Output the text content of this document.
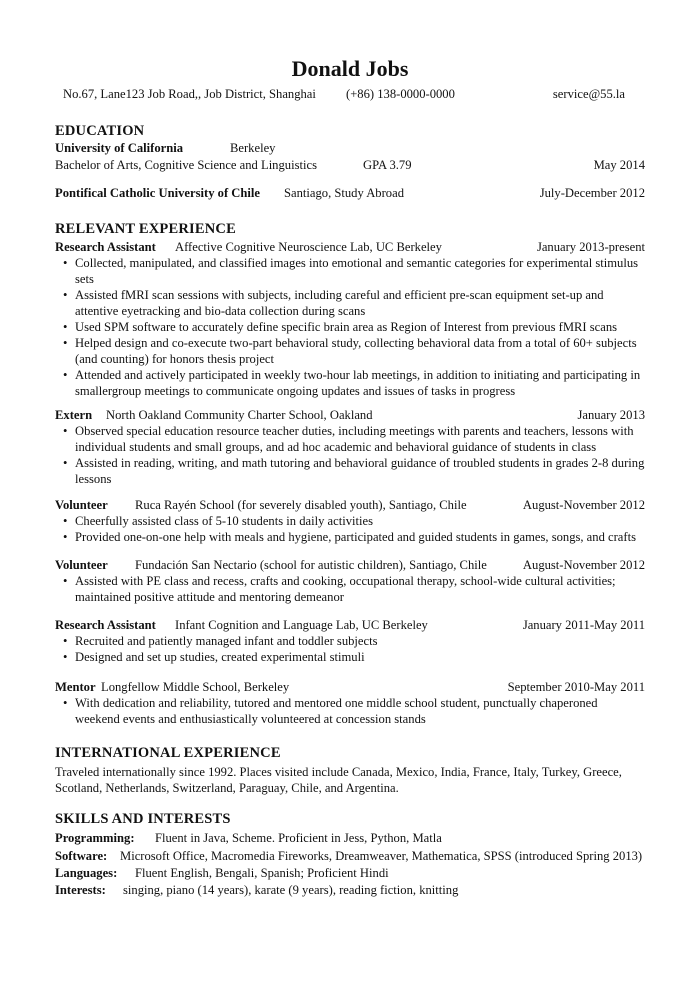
Donald Jobs
No.67, Lane123 Job Road,, Job District, Shanghai (+86) 138-0000-0000	service@55.la
EDUCATION
University of California	Berkeley
Bachelor of Arts, Cognitive Science and Linguistics	GPA 3.79	May 2014
Pontifical Catholic University of Chile Santiago, Study Abroad	July-December 2012
RELEVANT EXPERIENCE
Research Assistant Affective Cognitive Neuroscience Lab, UC Berkeley	January 2013-present
• Collected, manipulated, and classified images into emotional and semantic categories for experimental stimulus sets
• Assisted fMRI scan sessions with subjects, including careful and efficient pre-scan equipment set-up and attentive eyetracking and bio-data collection during scans
• Used SPM software to accurately define specific brain area as Region of Interest from previous fMRI scans
• Helped design and co-execute two-part behavioral study, collecting behavioral data from a total of 60+ subjects (and counting) for honors thesis project
• Attended and actively participated in weekly two-hour lab meetings, in addition to initiating and participating in smallergroup meetings to communicate ongoing updates and issues of tasks in progress
Extern North Oakland Community Charter School, Oakland	January 2013
• Observed special education resource teacher duties, including meetings with parents and teachers, lessons with individual students and small groups, and ad hoc academic and behavioral guidance of students in class
• Assisted in reading, writing, and math tutoring and behavioral guidance of troubled students in grades 2-8 during lessons
Volunteer Ruca Rayén School (for severely disabled youth), Santiago, Chile	August-November 2012
• Cheerfully assisted class of 5-10 students in daily activities
• Provided one-on-one help with meals and hygiene, participated and guided students in games, songs, and crafts
Volunteer Fundación San Nectario (school for autistic children), Santiago, Chile	August-November 2012
• Assisted with PE class and recess, crafts and cooking, occupational therapy, school-wide cultural activities; maintained positive attitude and mentoring demeanor
Research Assistant Infant Cognition and Language Lab, UC Berkeley	January 2011-May 2011
• Recruited and patiently managed infant and toddler subjects
• Designed and set up studies, created experimental stimuli
Mentor Longfellow Middle School, Berkeley	September 2010-May 2011
• With dedication and reliability, tutored and mentored one middle school student, punctually chaperoned weekend events and enthusiastically volunteered at concession stands
INTERNATIONAL EXPERIENCE
Traveled internationally since 1992. Places visited include Canada, Mexico, India, France, Italy, Turkey, Greece, Scotland, Netherlands, Switzerland, Paraguay, Chile, and Argentina.
SKILLS AND INTERESTS
Programming: Fluent in Java, Scheme. Proficient in Jess, Python, Matla
Software: Microsoft Office, Macromedia Fireworks, Dreamweaver, Mathematica, SPSS (introduced Spring 2013)
Languages: Fluent English, Bengali, Spanish; Proficient Hindi
Interests: singing, piano (14 years), karate (9 years), reading fiction, knitting
